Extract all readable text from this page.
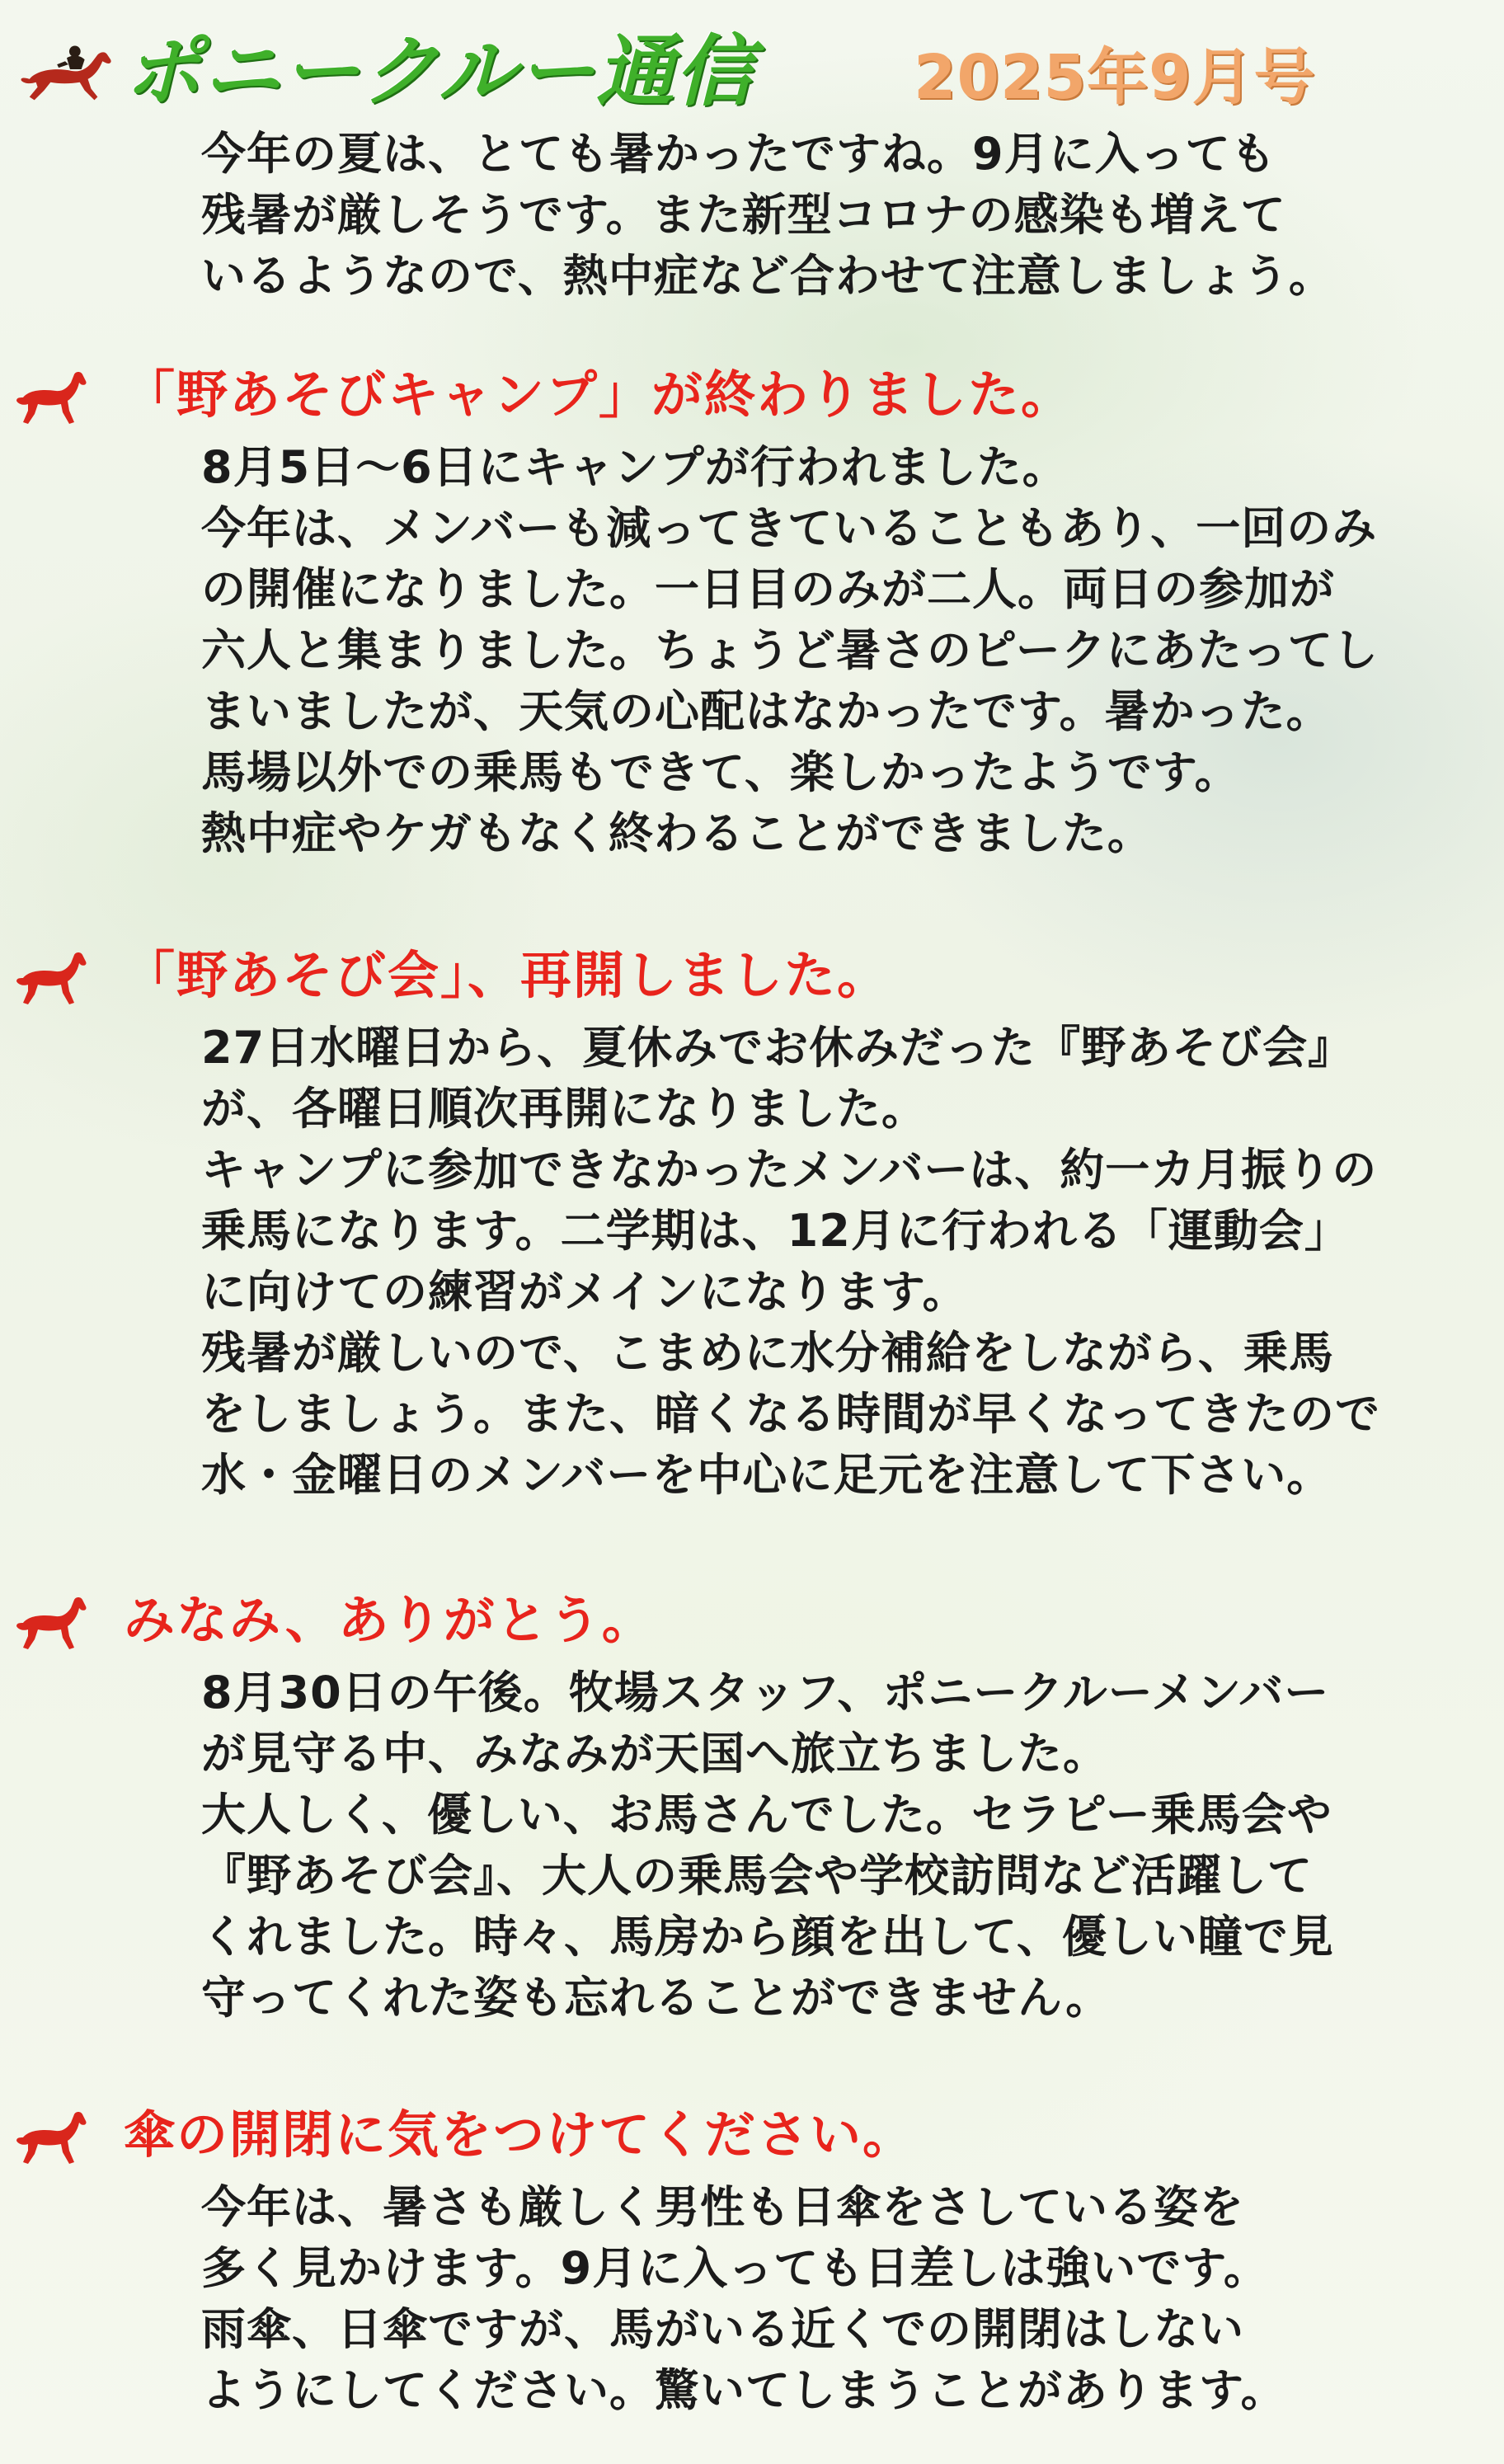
ポニークルー通信	2025年9月号
今年の夏は、とても暑かったですね。9月に入っても
残暑が厳しそうです。また新型コロナの感染も増えて
いるようなので、熱中症など合わせて注意しましょう。
「野あそびキャンプ」が終わりました。
8月5日～6日にキャンプが行われました。
今年は、メンバーも減ってきていることもあり、一回のみ
の開催になりました。一日目のみが二人。両日の参加が
六人と集まりました。ちょうど暑さのピークにあたってし
まいましたが、天気の心配はなかったです。暑かった。
馬場以外での乗馬もできて、楽しかったようです。
熱中症やケガもなく終わることができました。
「野あそび会」、再開しました。
27日水曜日から、夏休みでお休みだった『野あそび会』
が、各曜日順次再開になりました。
キャンプに参加できなかったメンバーは、約一カ月振りの
乗馬になります。二学期は、12月に行われる「運動会」
に向けての練習がメインになります。
残暑が厳しいので、こまめに水分補給をしながら、乗馬
をしましょう。また、暗くなる時間が早くなってきたので
水・金曜日のメンバーを中心に足元を注意して下さい。
みなみ、ありがとう。
8月30日の午後。牧場スタッフ、ポニークルーメンバー
が見守る中、みなみが天国へ旅立ちました。
大人しく、優しい、お馬さんでした。セラピー乗馬会や
『野あそび会』、大人の乗馬会や学校訪問など活躍して
くれました。時々、馬房から顔を出して、優しい瞳で見
守ってくれた姿も忘れることができません。
傘の開閉に気をつけてください。
今年は、暑さも厳しく男性も日傘をさしている姿を
多く見かけます。9月に入っても日差しは強いです。
雨傘、日傘ですが、馬がいる近くでの開閉はしない
ようにしてください。驚いてしまうことがあります。
